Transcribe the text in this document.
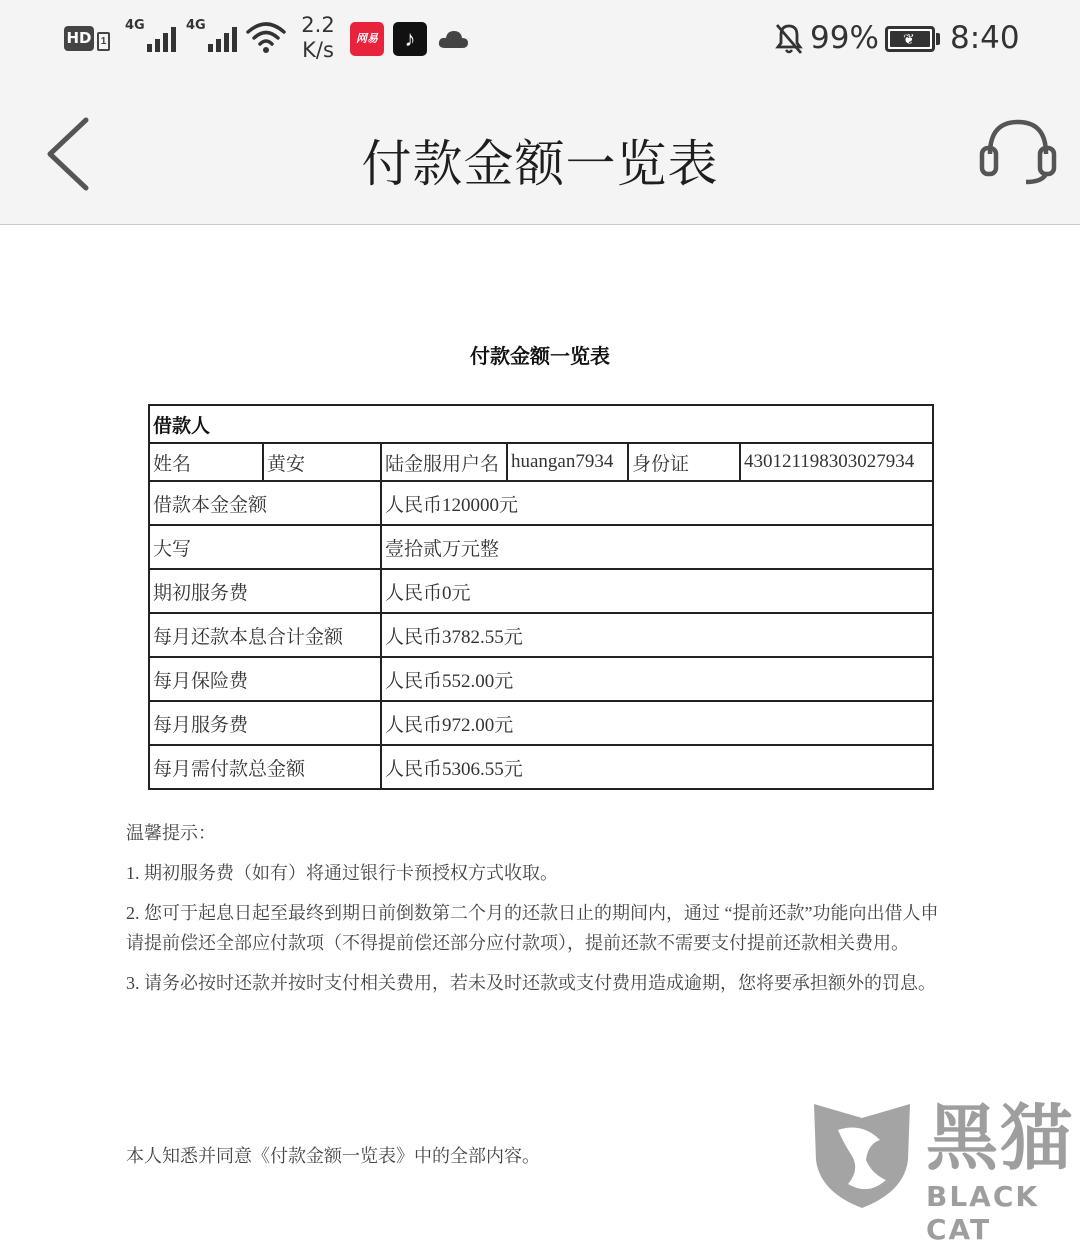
HD 1
4G	4G	2.2
K/s	网易	♪	99% ❦ 8:40
付款金额一览表
付款金额一览表
借款人					
姓名	黄安	陆金服用户名	huangan7934	身份证	430121198303027934
借款本金金额		人民币120000元			
大写		壹拾贰万元整			
期初服务费		人民币0元			
每月还款本息合计金额		人民币3782.55元			
每月保险费		人民币552.00元			
每月服务费		人民币972.00元			
每月需付款总金额		人民币5306.55元			

温馨提示：

1. 期初服务费（如有）将通过银行卡预授权方式收取。

2. 您可于起息日起至最终到期日前倒数第二个月的还款日止的期间内，通过 “提前还款”功能向出借人申请提前偿还全部应付款项（不得提前偿还部分应付款项），提前还款不需要支付提前还款相关费用。

3. 请务必按时还款并按时支付相关费用，若未及时还款或支付费用造成逾期，您将要承担额外的罚息。

本人知悉并同意《付款金额一览表》中的全部内容。	黑猫
BLACK CAT
